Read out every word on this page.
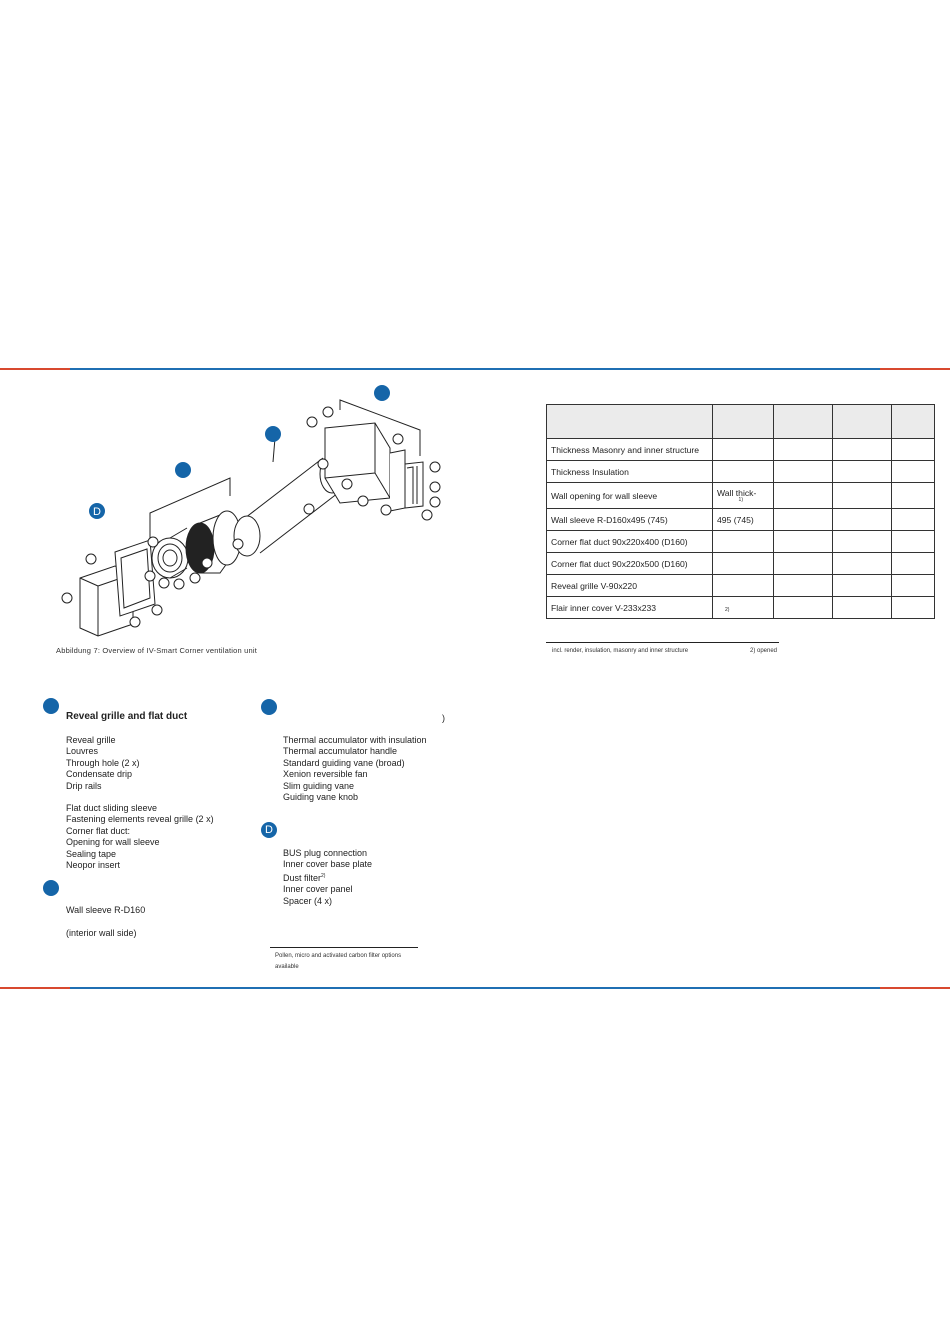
D
Abbildung 7: Overview of IV-Smart Corner ventilation unit

Thickness Masonry and inner structure				
Thickness Insulation				
Wall opening for wall sleeve	Wall thick-
1)			

Wall sleeve R-D160x495 (745)	495 (745)			
Corner flat duct 90x220x400 (D160)				
Corner flat duct 90x220x500 (D160)				
Reveal grille V-90x220				
Flair inner cover V-233x233	2)			
incl. render, insulation, masonry and inner structure	2) opened
Reveal grille and flat duct
Reveal grille
Louvres
Through hole (2 x)
Condensate drip
Drip rails
Flat duct sliding sleeve
Fastening elements reveal grille (2 x)
Corner flat duct:
Opening for wall sleeve
Sealing tape
Neopor insert
Wall sleeve R-D160
(interior wall side)
)
Thermal accumulator with insulation
Thermal accumulator handle
Standard guiding vane (broad)
Xenion reversible fan
Slim guiding vane
Guiding vane knob
D
BUS plug connection
Inner cover base plate
Dust filter$^{2)}$
Inner cover panel
Spacer (4 x)
Pollen, micro and activated carbon filter options
available
